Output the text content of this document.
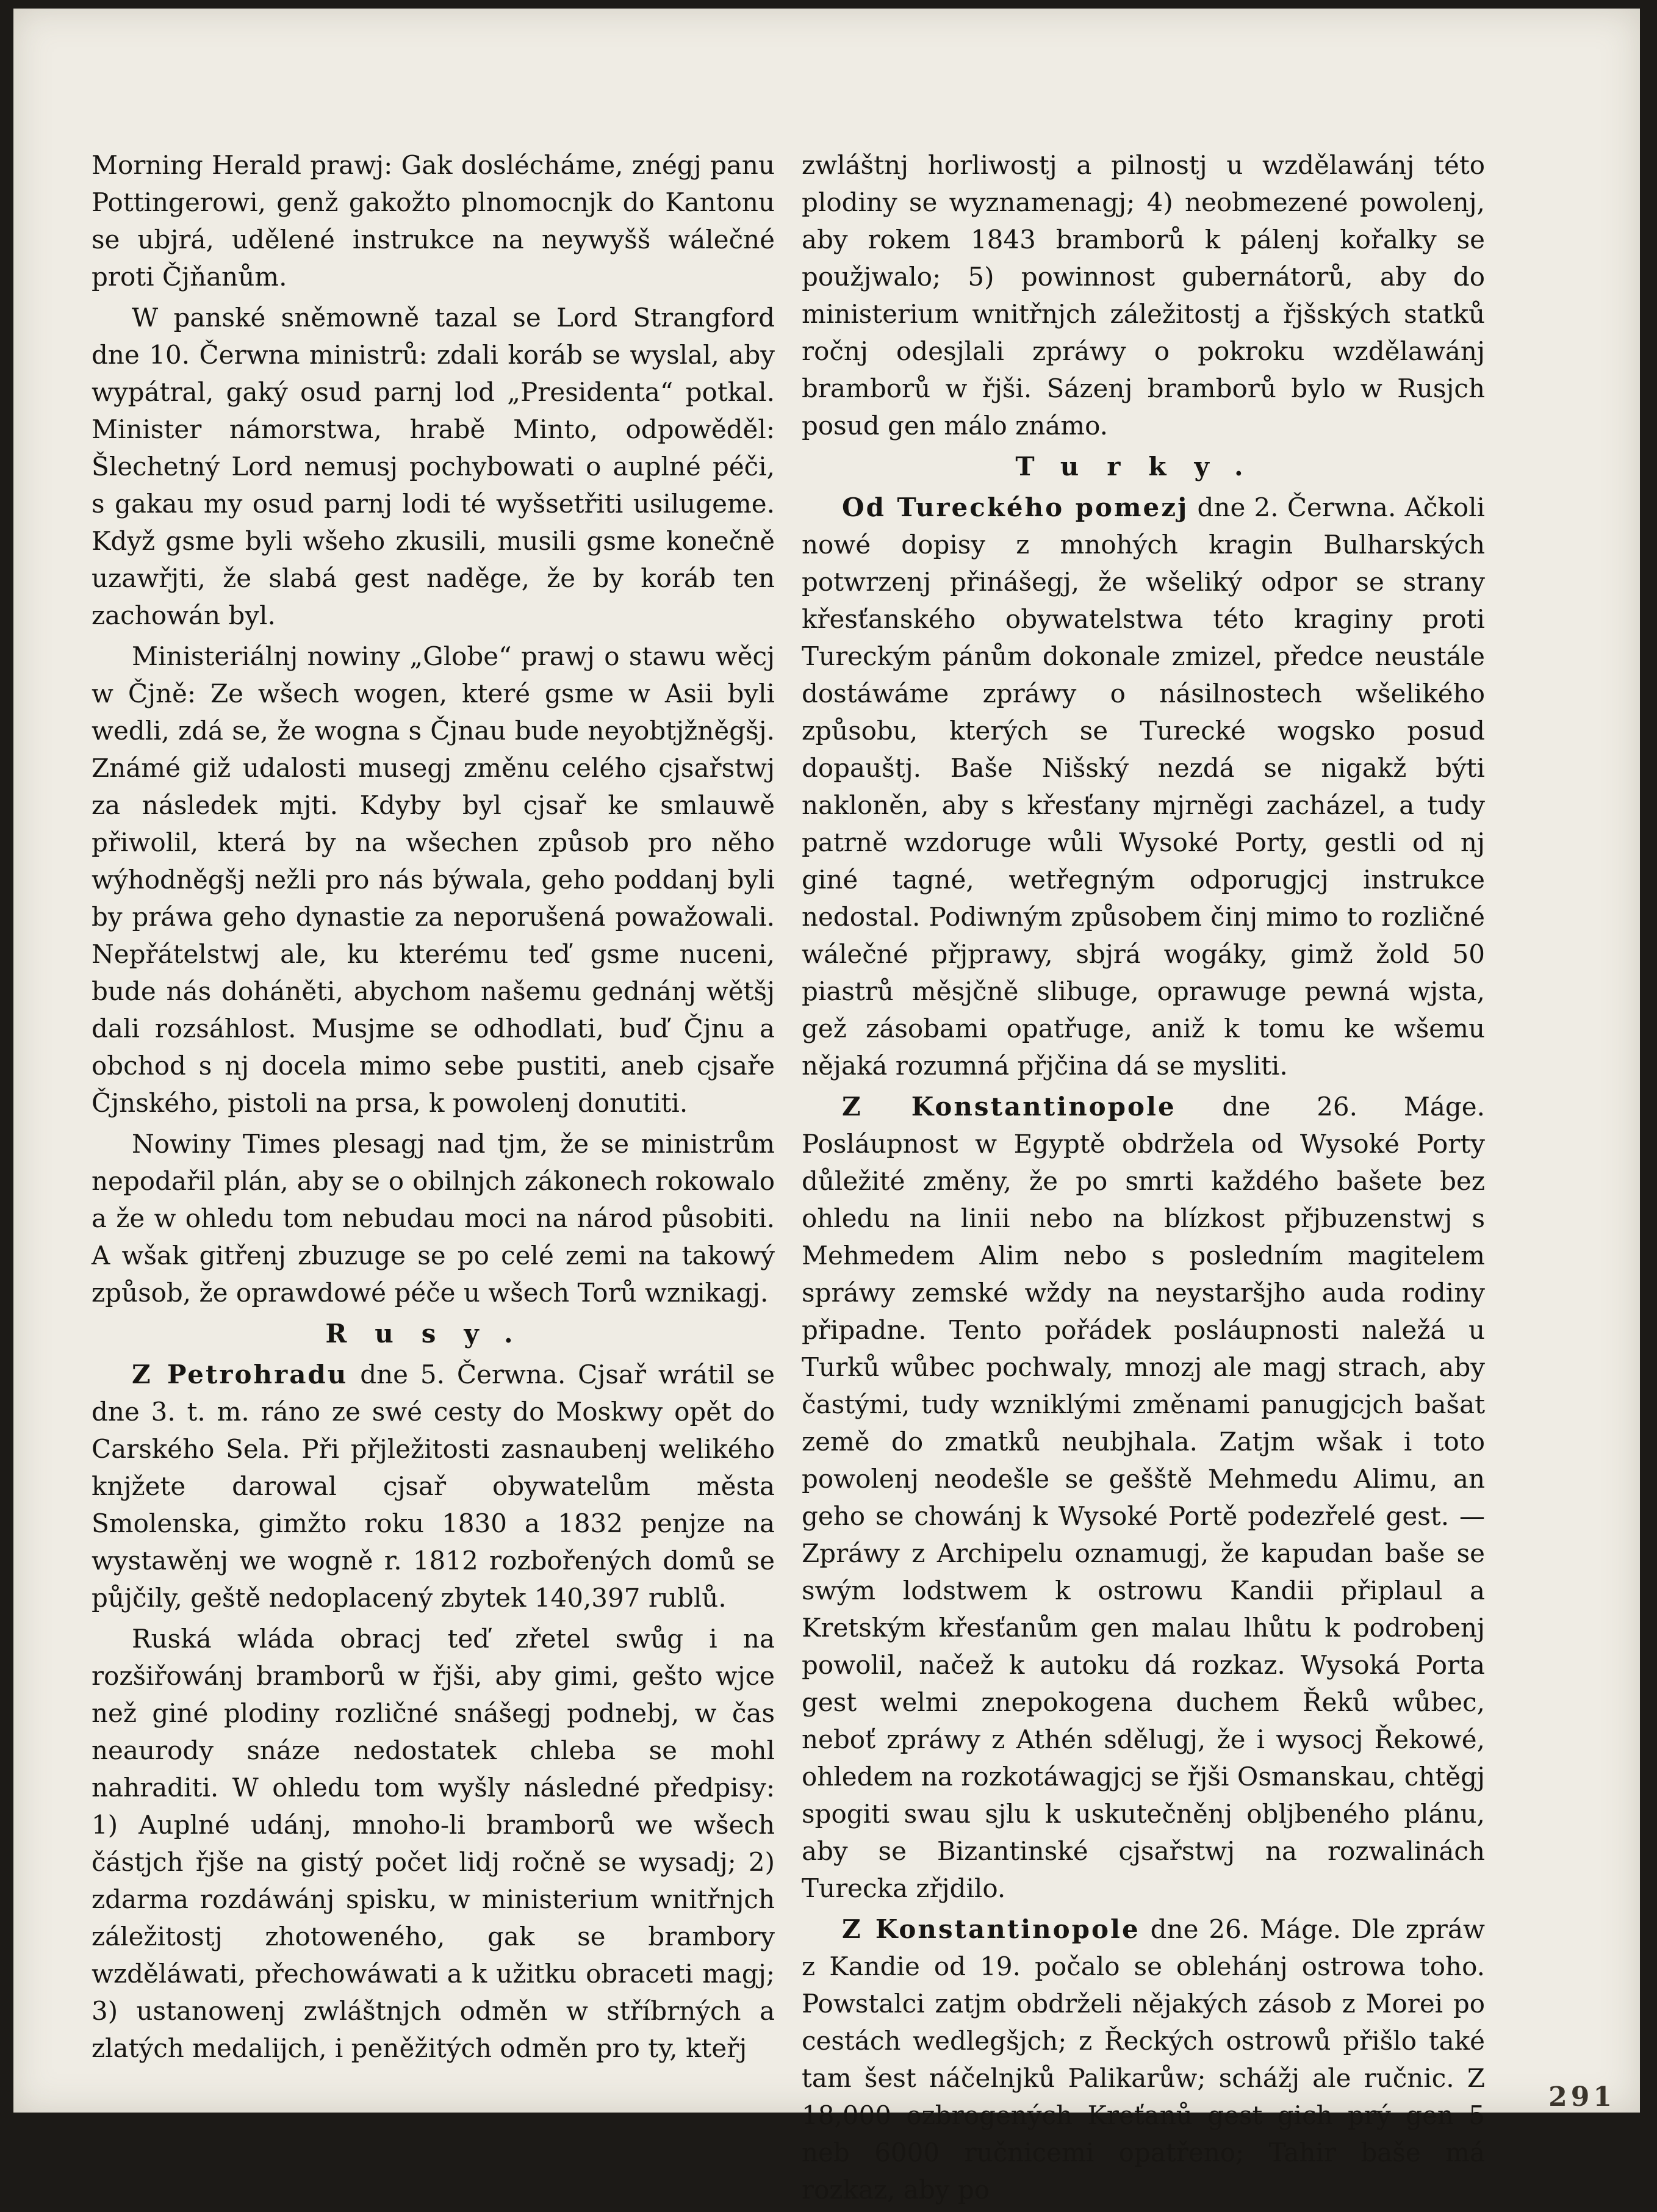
Morning Herald prawj: Gak doslécháme, znégj panu Pottingerowi, genž gakožto plnomocnjk do Kantonu se ubjrá, udělené instrukce na neywyšš wálečné proti Čjňanům.

W panské sněmowně tazal se Lord Strangford dne 10. Čerwna ministrů: zdali koráb se wyslal, aby wypátral, gaký osud parnj lod „Presidenta“ potkal. Minister námorstwa, hrabě Minto, odpowěděl: Šlechetný Lord nemusj pochybowati o auplné péči, s gakau my osud parnj lodi té wyšsetřiti usilugeme. Když gsme byli wšeho zkusili, musili gsme konečně uzawřjti, že slabá gest naděge, že by koráb ten zachowán byl.

Ministeriálnj nowiny „Globe“ prawj o stawu wěcj w Čjně: Ze wšech wogen, které gsme w Asii byli wedli, zdá se, že wogna s Čjnau bude neyobtjžněgšj. Známé giž udalosti musegj změnu celého cjsařstwj za následek mjti. Kdyby byl cjsař ke smlauwě přiwolil, která by na wšechen způsob pro něho wýhodněgšj nežli pro nás býwala, geho poddanj byli by práwa geho dynastie za neporušená powažowali. Nepřátelstwj ale, ku kterému teď gsme nuceni, bude nás doháněti, abychom našemu gednánj wětšj dali rozsáhlost. Musjme se odhodlati, buď Čjnu a obchod s nj docela mimo sebe pustiti, aneb cjsaře Čjnského, pistoli na prsa, k powolenj donutiti.

Nowiny Times plesagj nad tjm, že se ministrům nepodařil plán, aby se o obilnjch zákonech rokowalo a že w ohledu tom nebudau moci na národ působiti. A wšak gitřenj zbuzuge se po celé zemi na takowý způsob, že oprawdowé péče u wšech Torů wznikagj.

Rusy.

Z Petrohradu dne 5. Čerwna. Cjsař wrátil se dne 3. t. m. ráno ze swé cesty do Moskwy opět do Carského Sela. Při přjležitosti zasnaubenj welikého knjžete darowal cjsař obywatelům města Smolenska, gimžto roku 1830 a 1832 penjze na wystawěnj we wogně r. 1812 rozbořených domů se půjčily, geště nedoplacený zbytek 140,397 rublů.

Ruská wláda obracj teď zřetel swůg i na rozšiřowánj bramborů w řjši, aby gimi, gešto wjce než giné plodiny rozličné snášegj podnebj, w čas neaurody snáze nedostatek chleba se mohl nahraditi. W ohledu tom wyšly následné předpisy: 1) Auplné udánj, mnoho-li bramborů we wšech částjch řjše na gistý počet lidj ročně se wysadj; 2) zdarma rozdáwánj spisku, w ministerium wnitřnjch záležitostj zhotoweného, gak se brambory wzděláwati, přechowáwati a k užitku obraceti magj; 3) ustanowenj zwláštnjch odměn w stříbrných a zlatých medalijch, i peněžitých odměn pro ty, kteřj

zwláštnj horliwostj a pilnostj u wzdělawánj této plodiny se wyznamenagj; 4) neobmezené powolenj, aby rokem 1843 bramborů k pálenj kořalky se použjwalo; 5) powinnost gubernátorů, aby do ministerium wnitřnjch záležitostj a řjšských statků ročnj odesjlali zpráwy o pokroku wzdělawánj bramborů w řjši. Sázenj bramborů bylo w Rusjch posud gen málo známo.

Turky.

Od Tureckého pomezj dne 2. Čerwna. Ačkoli nowé dopisy z mnohých kragin Bulharských potwrzenj přinášegj, že wšeliký odpor se strany křesťanského obywatelstwa této kraginy proti Tureckým pánům dokonale zmizel, předce neustále dostáwáme zpráwy o násilnostech wšelikého způsobu, kterých se Turecké wogsko posud dopauštj. Baše Nišský nezdá se nigakž býti nakloněn, aby s křesťany mjrněgi zacházel, a tudy patrně wzdoruge wůli Wysoké Porty, gestli od nj giné tagné, wetřegným odporugjcj instrukce nedostal. Podiwným způsobem činj mimo to rozličné wálečné přjprawy, sbjrá wogáky, gimž žold 50 piastrů měsjčně slibuge, oprawuge pewná wjsta, gež zásobami opatřuge, aniž k tomu ke wšemu nějaká rozumná přjčina dá se mysliti.

Z Konstantinopole dne 26. Máge. Posláupnost w Egyptě obdržela od Wysoké Porty důležité změny, že po smrti každého bašete bez ohledu na linii nebo na blízkost přjbuzenstwj s Mehmedem Alim nebo s posledním magitelem spráwy zemské wždy na neystaršjho auda rodiny připadne. Tento pořádek posláupnosti naležá u Turků wůbec pochwaly, mnozj ale magj strach, aby častými, tudy wzniklými změnami panugjcjch bašat země do zmatků neubjhala. Zatjm wšak i toto powolenj neodešle se gešště Mehmedu Alimu, an geho se chowánj k Wysoké Portě podezřelé gest. — Zpráwy z Archipelu oznamugj, že kapudan baše se swým lodstwem k ostrowu Kandii připlaul a Kretským křesťanům gen malau lhůtu k podrobenj powolil, načež k autoku dá rozkaz. Wysoká Porta gest welmi znepokogena duchem Řeků wůbec, neboť zpráwy z Athén sdělugj, že i wysocj Řekowé, ohledem na rozkotáwagjcj se řjši Osmanskau, chtěgj spogiti swau sjlu k uskutečněnj obljbeného plánu, aby se Bizantinské cjsařstwj na rozwalinách Turecka zřjdilo.

Z Konstantinopole dne 26. Máge. Dle zpráw z Kandie od 19. počalo se oblehánj ostrowa toho. Powstalci zatjm obdrželi nějakých zásob z Morei po cestách wedlegšjch; z Řeckých ostrowů přišlo také tam šest náčelnjků Palikarůw; schážj ale ručnic. Z 18,000 ozbrogených Kreťanů gest gich prý gen 5 neb 6000 ručnicemi opatřeno; Tahir baše má rozkaz, aby po

291
